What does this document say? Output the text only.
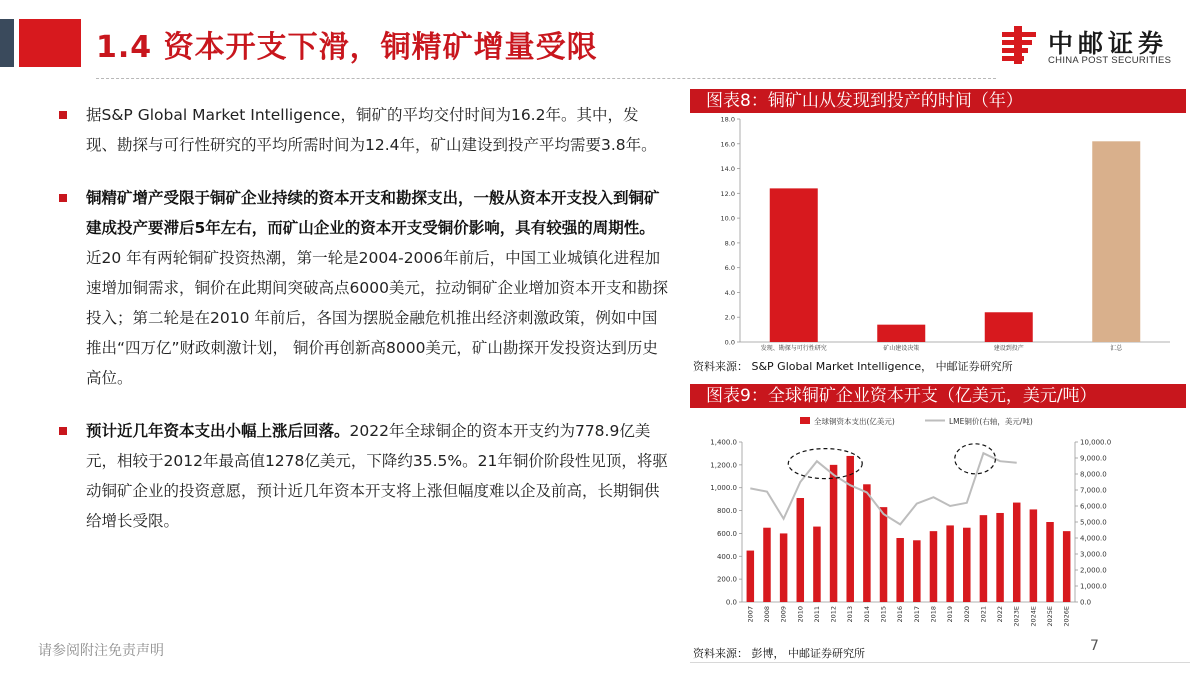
1.4 资本开支下滑，铜精矿增量受限	中邮证券
CHINA POST SECURITIES
据S&P Global Market Intelligence，铜矿的平均交付时间为16.2年。其中，发现、勘探与可行性研究的平均所需时间为12.4年，矿山建设到投产平均需要3.8年。
铜精矿增产受限于铜矿企业持续的资本开支和勘探支出，一般从资本开支投入到铜矿建成投产要滞后5年左右，而矿山企业的资本开支受铜价影响，具有较强的周期性。近20 年有两轮铜矿投资热潮，第一轮是2004-2006年前后，中国工业城镇化进程加速增加铜需求，铜价在此期间突破高点6000美元，拉动铜矿企业增加资本开支和勘探投入；第二轮是在2010 年前后，各国为摆脱金融危机推出经济刺激政策，例如中国推出“四万亿”财政刺激计划， 铜价再创新高8000美元，矿山勘探开发投资达到历史高位。
预计近几年资本支出小幅上涨后回落。2022年全球铜企的资本开支约为778.9亿美元，相较于2012年最高值1278亿美元，下降约35.5%。21年铜价阶段性见顶，将驱动铜矿企业的投资意愿，预计近几年资本开支将上涨但幅度难以企及前高，长期铜供给增长受限。
图表8：铜矿山从发现到投产的时间（年）
0.0
2.0
4.0
6.0
8.0
10.0
12.0
14.0
16.0
18.0
发现、勘探与可行性研究	矿山建设决策	建设到投产	汇总
资料来源： S&P Global Market Intelligence， 中邮证券研究所
图表9：全球铜矿企业资本开支（亿美元，美元/吨）
全球铜资本支出(亿美元)	LME铜价(右轴，美元/吨)
0.0
200.0
400.0
600.0
800.0
1,000.0
1,200.0
1,400.0
0.0
1,000.0
2,000.0
3,000.0
4,000.0
5,000.0
6,000.0
7,000.0
8,000.0
9,000.0
10,000.0
2007 2008 2009 2010 2011 2012 2013 2014 2015 2016 2017 2018 2019 2020 2021 2022 2023E 2024E 2025E 2026E
资料来源： 彭博， 中邮证券研究所
请参阅附注免责声明	7
